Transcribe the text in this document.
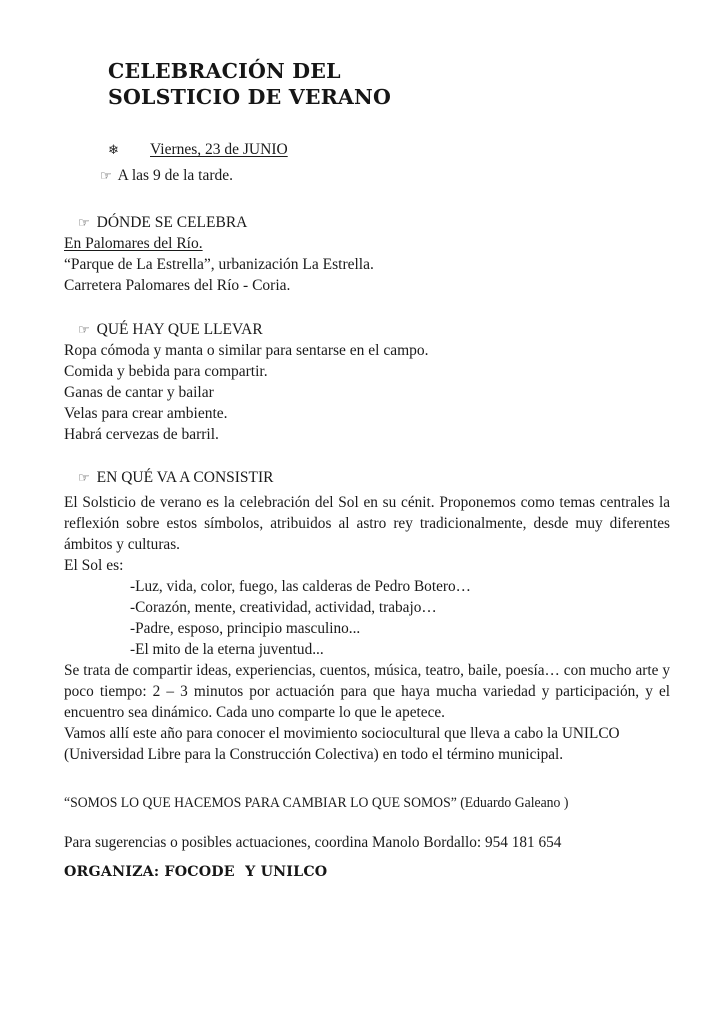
CELEBRACIÓN DEL
SOLSTICIO DE VERANO
❄	Viernes, 23 de JUNIO
☞ A las 9 de la tarde.
☞ DÓNDE SE CELEBRA
En Palomares del Río.
“Parque de La Estrella”, urbanización La Estrella.
Carretera Palomares del Río - Coria.
☞ QUÉ HAY QUE LLEVAR
Ropa cómoda y manta o similar para sentarse en el campo.
Comida y bebida para compartir.
Ganas de cantar y bailar
Velas para crear ambiente.
Habrá cervezas de barril.
☞ EN QUÉ VA A CONSISTIR

El Solsticio de verano es la celebración del Sol en su cénit. Proponemos como temas centrales la reflexión sobre estos símbolos, atribuidos al astro rey tradicionalmente, desde muy diferentes ámbitos y culturas.

El Sol es:
-Luz, vida, color, fuego, las calderas de Pedro Botero…
-Corazón, mente, creatividad, actividad, trabajo…
-Padre, esposo, principio masculino...
-El mito de la eterna juventud...

Se trata de compartir ideas, experiencias, cuentos, música, teatro, baile, poesía… con mucho arte y poco tiempo: 2 – 3 minutos por actuación para que haya mucha variedad y participación, y el encuentro sea dinámico. Cada uno comparte lo que le apetece.

Vamos allí este año para conocer el movimiento sociocultural que lleva a cabo la UNILCO (Universidad Libre para la Construcción Colectiva) en todo el término municipal.

“SOMOS LO QUE HACEMOS PARA CAMBIAR LO QUE SOMOS” (Eduardo Galeano )
Para sugerencias o posibles actuaciones, coordina Manolo Bordallo: 954 181 654
ORGANIZA: FOCODE  Y UNILCO
